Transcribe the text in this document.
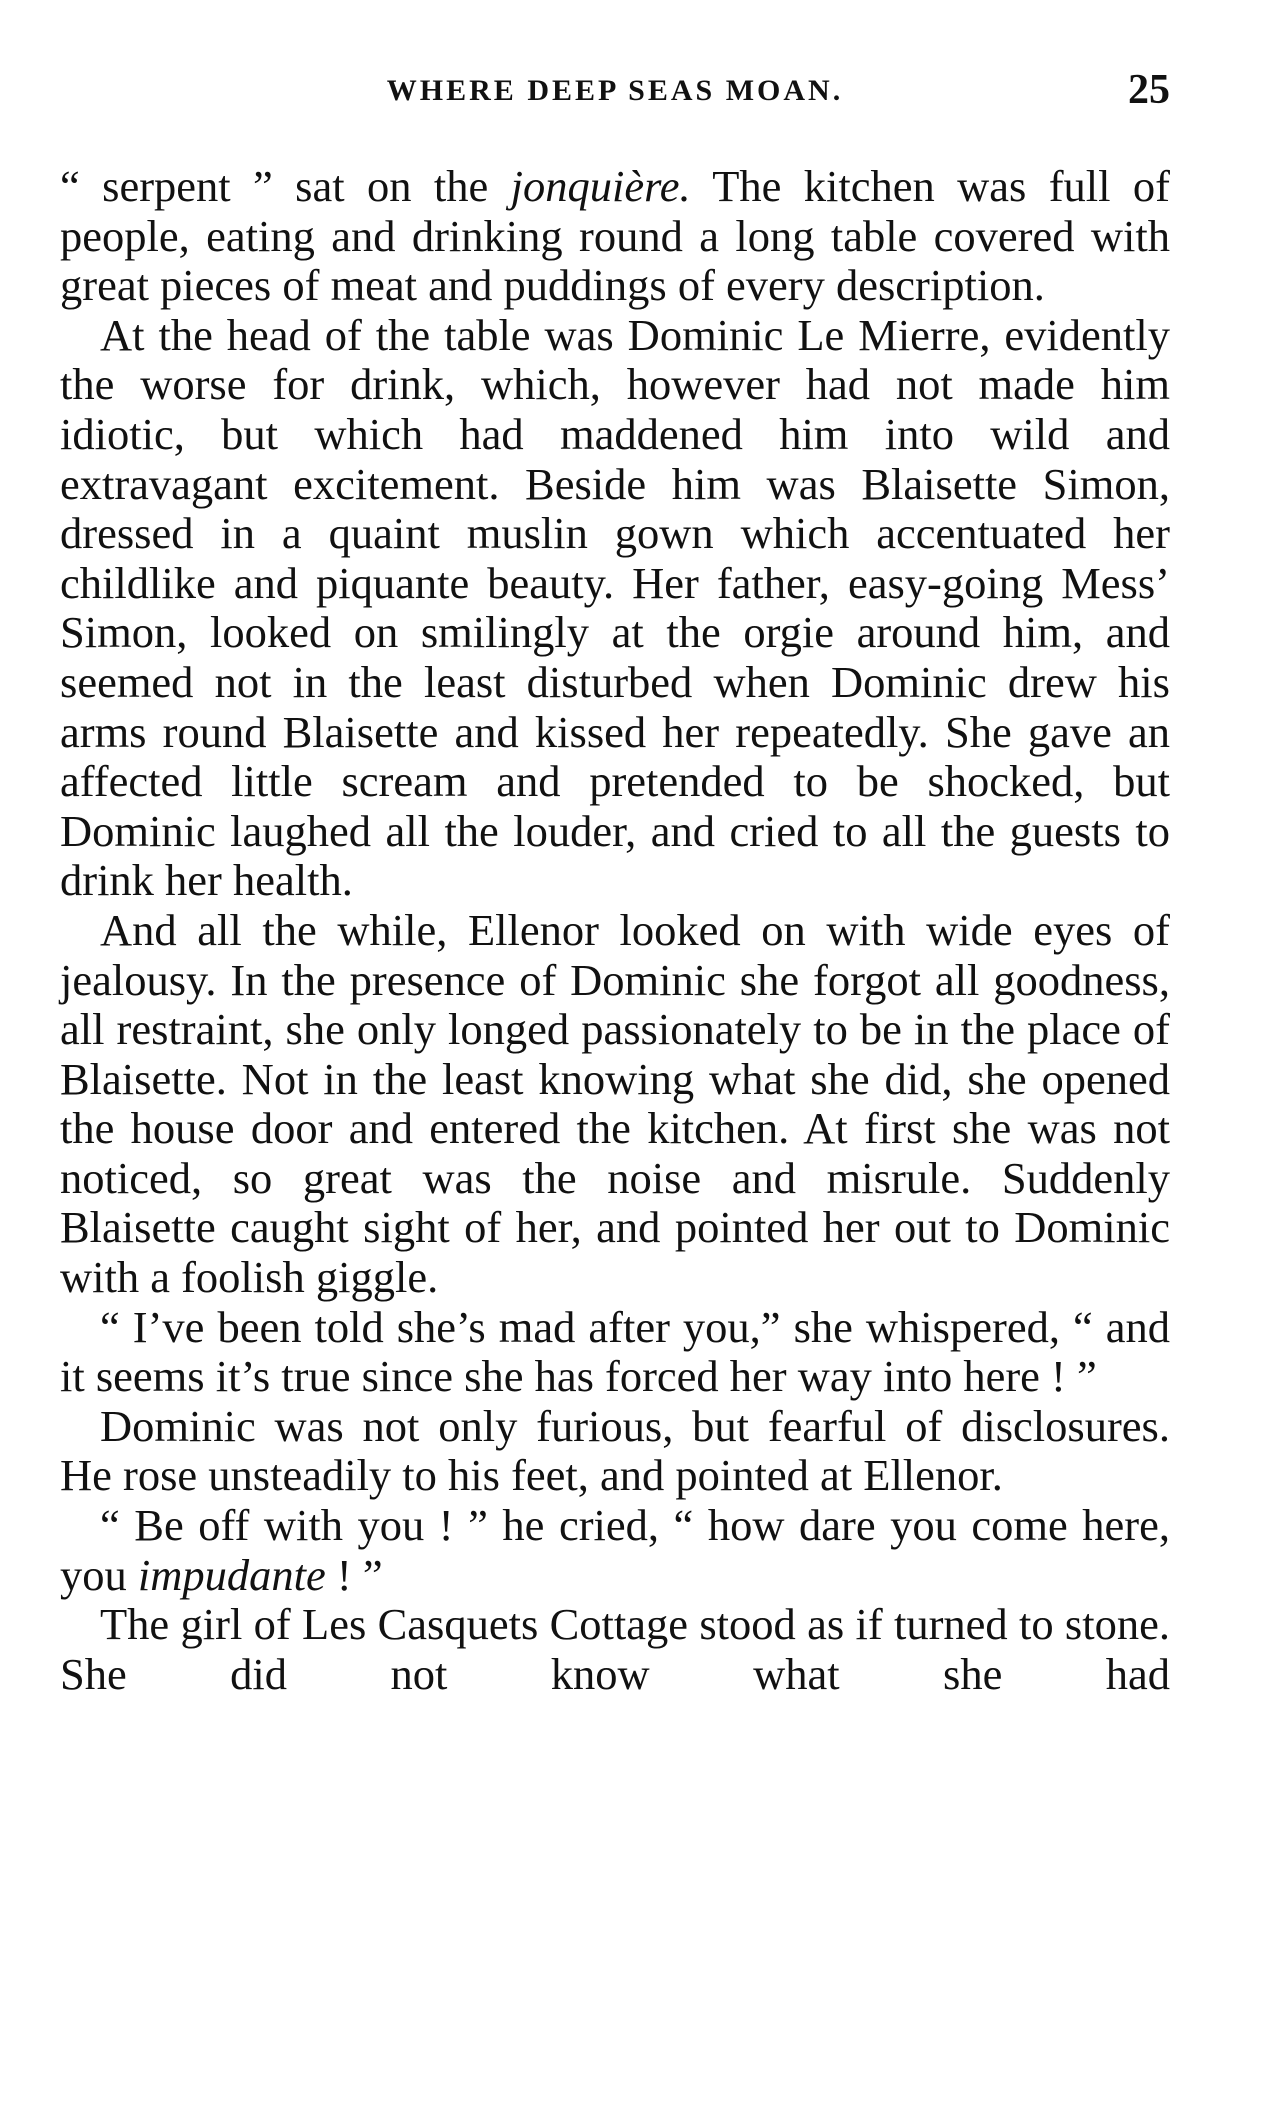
WHERE DEEP SEAS MOAN.	25

“ serpent ” sat on the jonquière. The kitchen was full of people, eating and drinking round a long table covered with great pieces of meat and puddings of every description.

At the head of the table was Dominic Le Mierre, evidently the worse for drink, which, however had not made him idiotic, but which had maddened him into wild and extravagant excitement. Beside him was Blaisette Simon, dressed in a quaint muslin gown which accentuated her childlike and piquante beauty. Her father, easy-going Mess’ Simon, looked on smilingly at the orgie around him, and seemed not in the least disturbed when Dominic drew his arms round Blaisette and kissed her repeatedly. She gave an affected little scream and pretended to be shocked, but Dominic laughed all the louder, and cried to all the guests to drink her health.

And all the while, Ellenor looked on with wide eyes of jealousy. In the presence of Dominic she forgot all goodness, all restraint, she only longed passionately to be in the place of Blaisette. Not in the least knowing what she did, she opened the house door and entered the kitchen. At first she was not noticed, so great was the noise and misrule. Suddenly Blaisette caught sight of her, and pointed her out to Dominic with a foolish giggle.

“ I’ve been told she’s mad after you,” she whispered, “ and it seems it’s true since she has forced her way into here ! ”

Dominic was not only furious, but fearful of disclosures. He rose unsteadily to his feet, and pointed at Ellenor.

“ Be off with you ! ” he cried, “ how dare you come here, you impudante ! ”

The girl of Les Casquets Cottage stood as if turned to stone. She did not know what she had
